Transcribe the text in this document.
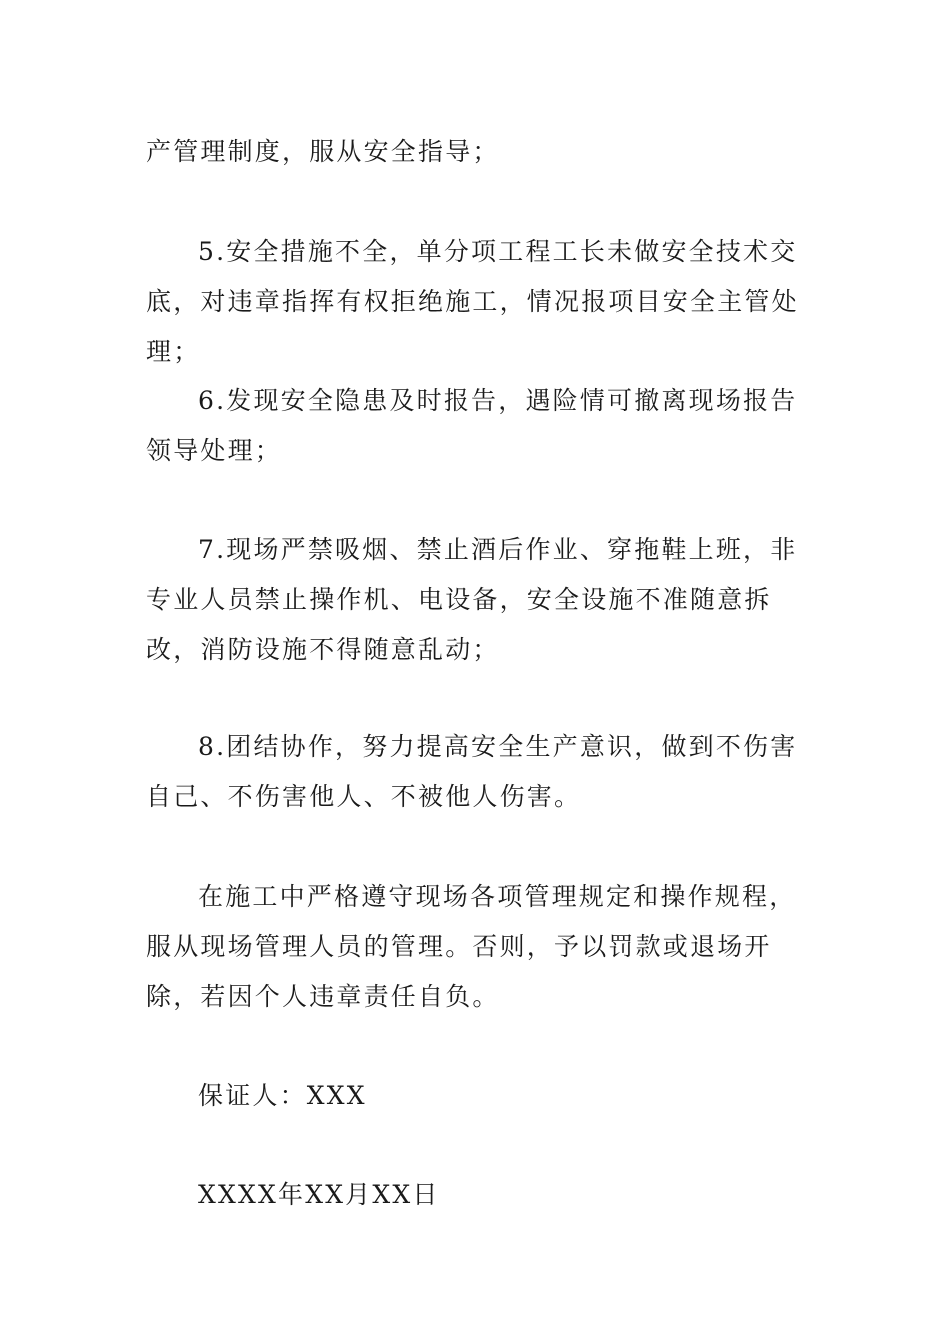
产管理制度，服从安全指导；

5.安全措施不全，单分项工程工长未做安全技术交底，对违章指挥有权拒绝施工，情况报项目安全主管处理；

6.发现安全隐患及时报告，遇险情可撤离现场报告领导处理；

7.现场严禁吸烟、禁止酒后作业、穿拖鞋上班，非专业人员禁止操作机、电设备，安全设施不准随意拆改，消防设施不得随意乱动；

8.团结协作，努力提高安全生产意识，做到不伤害自己、不伤害他人、不被他人伤害。

在施工中严格遵守现场各项管理规定和操作规程，服从现场管理人员的管理。否则，予以罚款或退场开除，若因个人违章责任自负。

保证人：XXX

XXXX年XX月XX日
